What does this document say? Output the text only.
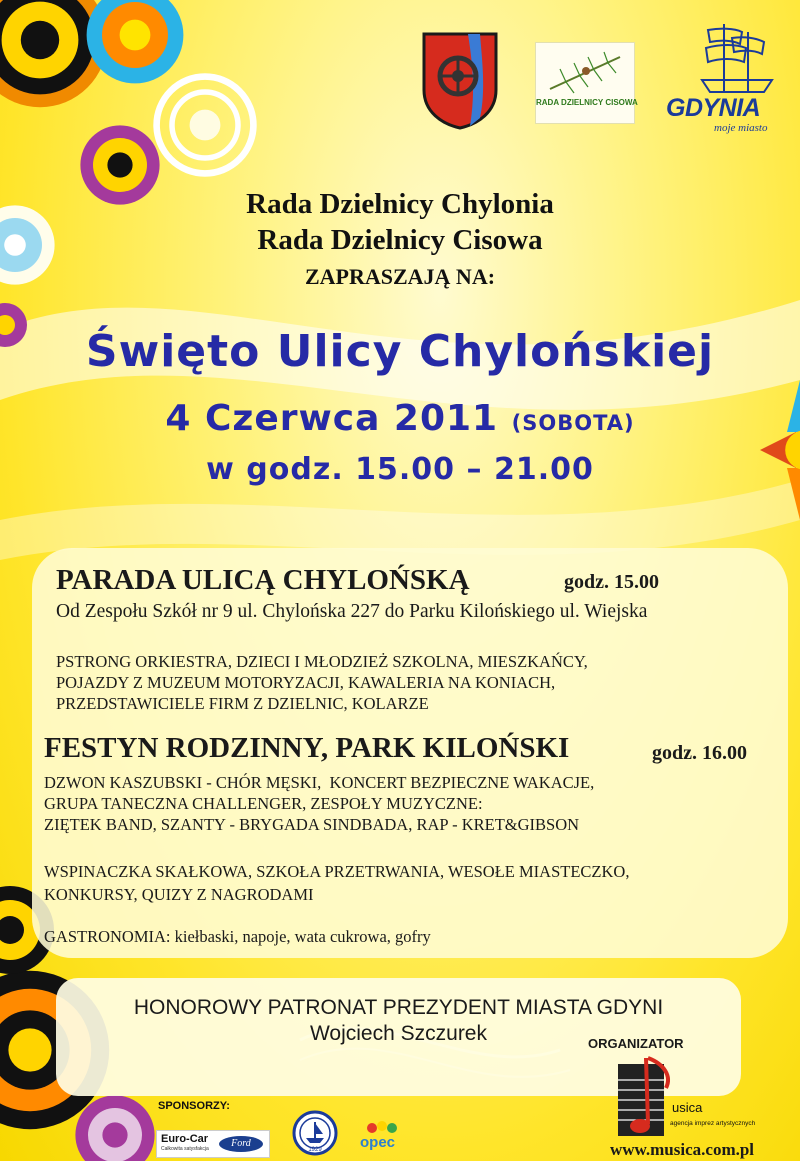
RADA DZIELNICY CISOWA GDYNIA
moje miasto
Rada Dzielnicy Chylonia
Rada Dzielnicy Cisowa
ZAPRASZAJĄ NA:
Święto Ulicy Chylońskiej
4 Czerwca 2011 (SOBOTA)
w godz. 15.00 – 21.00
PARADA ULICĄ CHYLOŃSKĄ	godz. 15.00
Od Zespołu Szkół nr 9 ul. Chylońska 227 do Parku Kilońskiego ul. Wiejska
PSTRONG ORKIESTRA, DZIECI I MŁODZIEŻ SZKOLNA, MIESZKAŃCY,
POJAZDY Z MUZEUM MOTORYZACJI, KAWALERIA NA KONIACH,
PRZEDSTAWICIELE FIRM Z DZIELNIC, KOLARZE
FESTYN RODZINNY, PARK KILOŃSKI	godz. 16.00
DZWON KASZUBSKI - CHÓR MĘSKI,  KONCERT BEZPIECZNE WAKACJE,
GRUPA TANECZNA CHALLENGER, ZESPOŁY MUZYCZNE:
ZIĘTEK BAND, SZANTY - BRYGADA SINDBADA, RAP - KRET&GIBSON
WSPINACZKA SKAŁKOWA, SZKOŁA PRZETRWANIA, WESOŁE MIASTECZKO,
KONKURSY, QUIZY Z NAGRODAMI
GASTRONOMIA: kiełbaski, napoje, wata cukrowa, gofry
HONOROWY PATRONAT PREZYDENT MIASTA GDYNI
Wojciech Szczurek	ORGANIZATOR
usica
agencja imprez artystycznych
www.musica.com.pl
SPONSORZY:
Euro-Car
Całkowita satysfakcja	Ford
1929	opec
